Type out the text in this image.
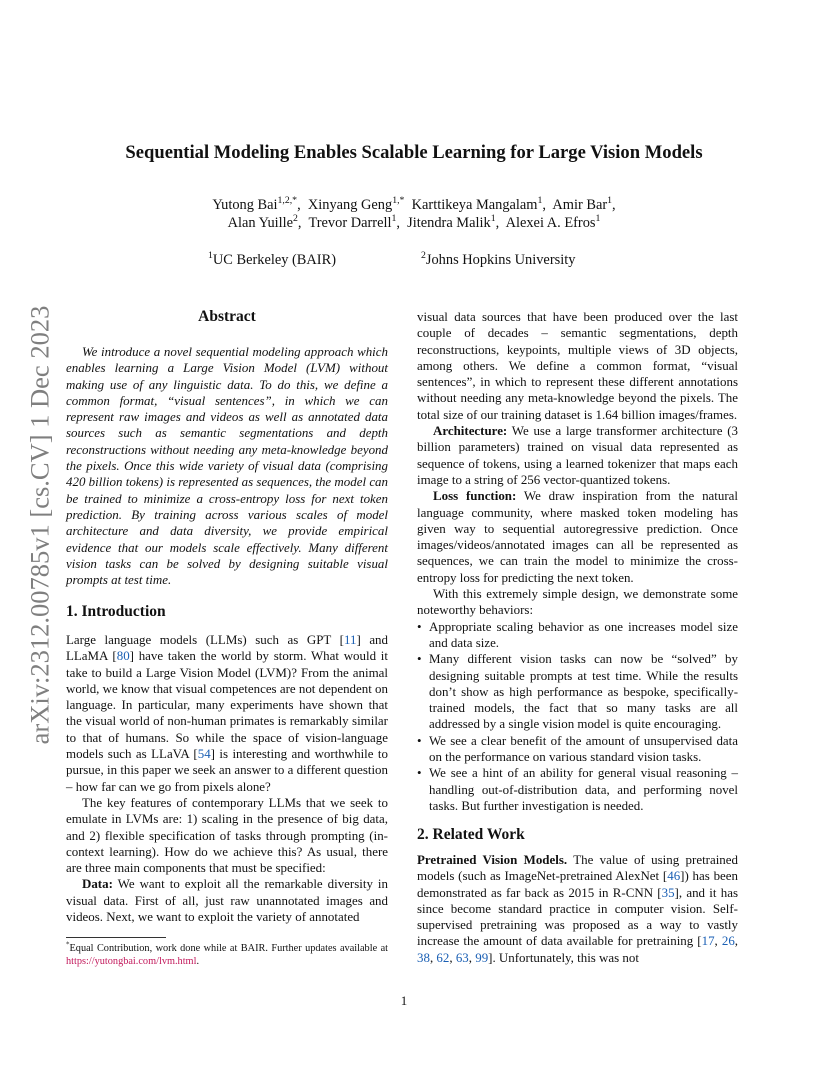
arXiv:2312.00785v1 [cs.CV] 1 Dec 2023
Sequential Modeling Enables Scalable Learning for Large Vision Models
Yutong Bai$^{1,2,*}$,  Xinyang Geng$^{1,*}$ Karttikeya Mangalam$^1$,  Amir Bar$^1$,
Alan Yuille$^2$,  Trevor Darrell$^1$,  Jitendra Malik$^1$,  Alexei A. Efros$^1$
$^1$UC Berkeley (BAIR)	$^2$Johns Hopkins University
Abstract
We introduce a novel sequential modeling approach which enables learning a Large Vision Model (LVM) without making use of any linguistic data. To do this, we define a common format, “visual sentences”, in which we can represent raw images and videos as well as annotated data sources such as semantic segmentations and depth reconstructions without needing any meta-knowledge beyond the pixels. Once this wide variety of visual data (comprising 420 billion tokens) is represented as sequences, the model can be trained to minimize a cross-entropy loss for next token prediction. By training across various scales of model architecture and data diversity, we provide empirical evidence that our models scale effectively. Many different vision tasks can be solved by designing suitable visual prompts at test time.
1. Introduction

Large language models (LLMs) such as GPT [11] and LLaMA [80] have taken the world by storm. What would it take to build a Large Vision Model (LVM)? From the animal world, we know that visual competences are not dependent on language. In particular, many experiments have shown that the visual world of non-human primates is remarkably similar to that of humans. So while the space of vision-language models such as LLaVA [54] is interesting and worthwhile to pursue, in this paper we seek an answer to a different question – how far can we go from pixels alone?

The key features of contemporary LLMs that we seek to emulate in LVMs are: 1) scaling in the presence of big data, and 2) flexible specification of tasks through prompting (in-context learning). How do we achieve this? As usual, there are three main components that must be specified:

Data: We want to exploit all the remarkable diversity in visual data. First of all, just raw unannotated images and videos. Next, we want to exploit the variety of annotated

*Equal Contribution, work done while at BAIR. Further updates available at https://yutongbai.com/lvm.html.

visual data sources that have been produced over the last couple of decades – semantic segmentations, depth reconstructions, keypoints, multiple views of 3D objects, among others. We define a common format, “visual sentences”, in which to represent these different annotations without needing any meta-knowledge beyond the pixels. The total size of our training dataset is 1.64 billion images/frames.

Architecture: We use a large transformer architecture (3 billion parameters) trained on visual data represented as sequence of tokens, using a learned tokenizer that maps each image to a string of 256 vector-quantized tokens.

Loss function: We draw inspiration from the natural language community, where masked token modeling has given way to sequential autoregressive prediction. Once images/videos/annotated images can all be represented as sequences, we can train the model to minimize the cross-entropy loss for predicting the next token.

With this extremely simple design, we demonstrate some noteworthy behaviors:

• Appropriate scaling behavior as one increases model size and data size.
• Many different vision tasks can now be “solved” by designing suitable prompts at test time. While the results don’t show as high performance as bespoke, specifically-trained models, the fact that so many tasks are all addressed by a single vision model is quite encouraging.
• We see a clear benefit of the amount of unsupervised data on the performance on various standard vision tasks.
• We see a hint of an ability for general visual reasoning – handling out-of-distribution data, and performing novel tasks. But further investigation is needed.
2. Related Work

Pretrained Vision Models. The value of using pretrained models (such as ImageNet-pretrained AlexNet [46]) has been demonstrated as far back as 2015 in R-CNN [35], and it has since become standard practice in computer vision. Self-supervised pretraining was proposed as a way to vastly increase the amount of data available for pretraining [17, 26, 38, 62, 63, 99]. Unfortunately, this was not

1
